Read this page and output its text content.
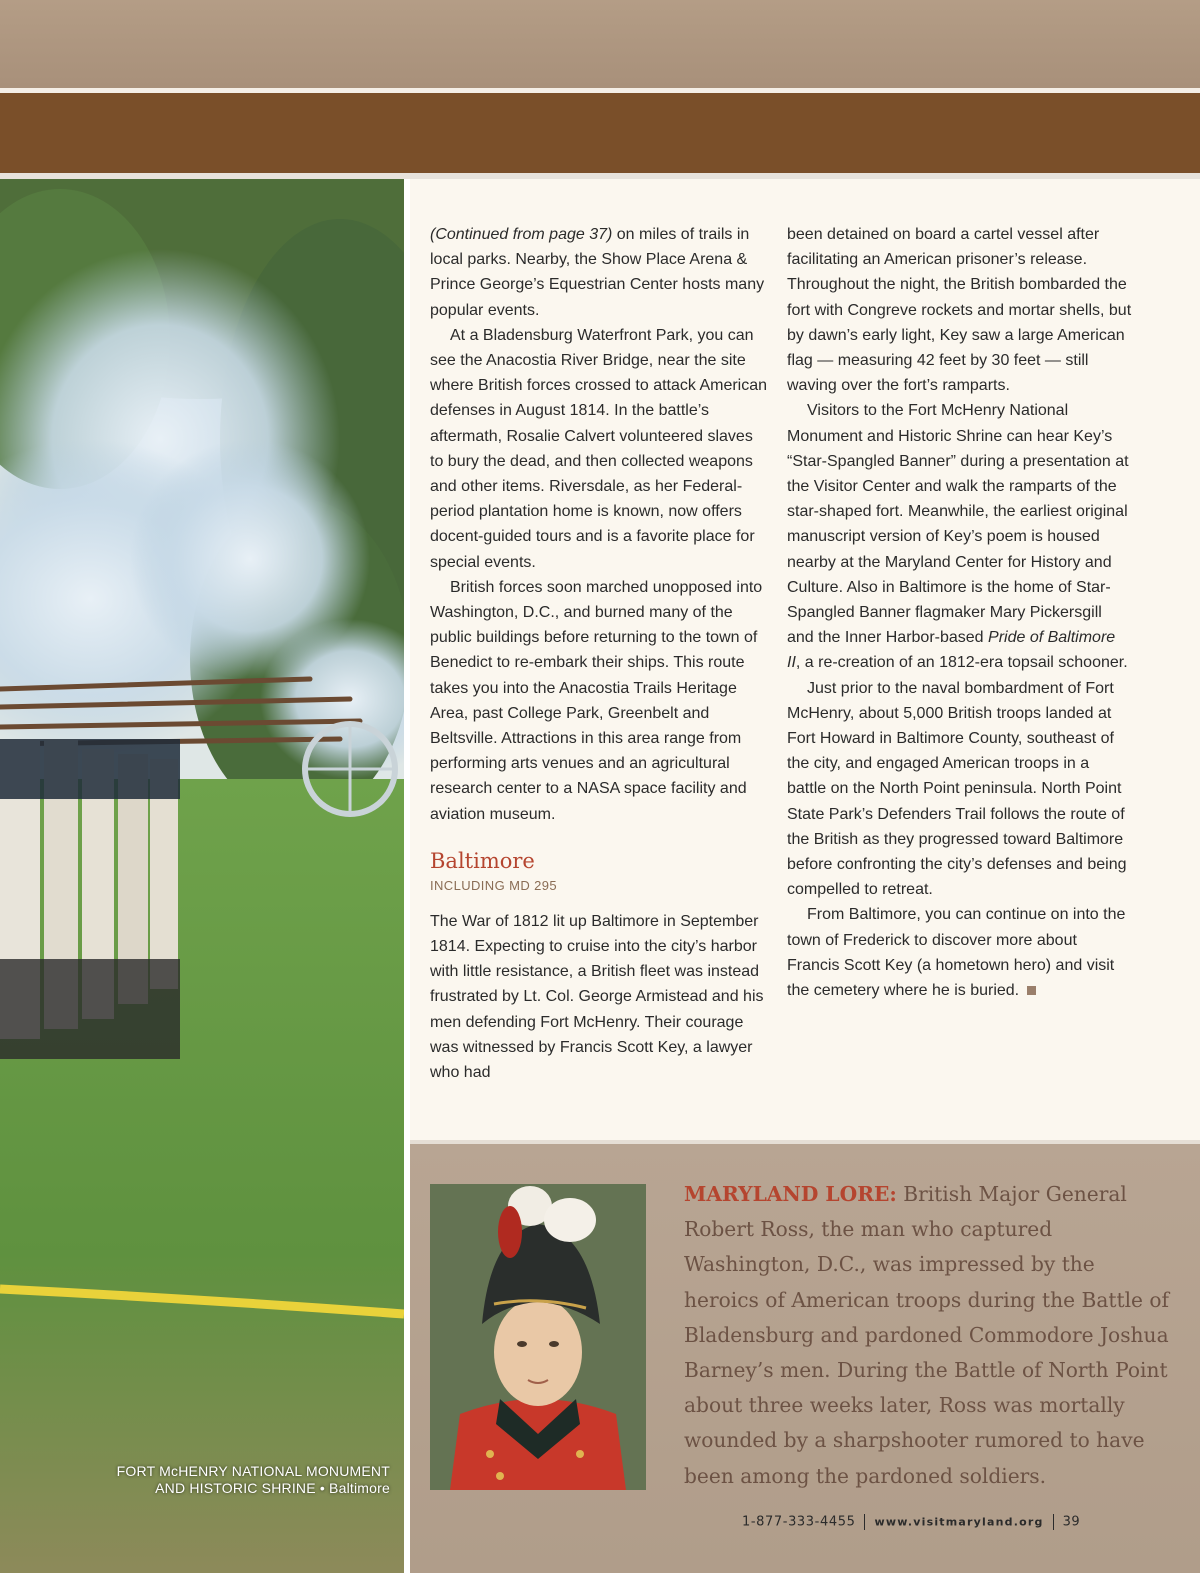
FORT McHENRY NATIONAL MONUMENT
AND HISTORIC SHRINE • Baltimore

(Continued from page 37) on miles of trails in local parks. Nearby, the Show Place Arena & Prince George’s Equestrian Center hosts many popular events.

At a Bladensburg Waterfront Park, you can see the Anacostia River Bridge, near the site where British forces crossed to attack American defenses in August 1814. In the battle’s aftermath, Rosalie Calvert volunteered slaves to bury the dead, and then collected weapons and other items. Riversdale, as her Federal-period plantation home is known, now offers docent-guided tours and is a favorite place for special events.

British forces soon marched unopposed into Washington, D.C., and burned many of the public buildings before returning to the town of Benedict to re-embark their ships. This route takes you into the Anacostia Trails Heritage Area, past College Park, Greenbelt and Beltsville. Attractions in this area range from performing arts venues and an agricultural research center to a NASA space facility and aviation museum.

Baltimore
INCLUDING MD 295

The War of 1812 lit up Baltimore in September 1814. Expecting to cruise into the city’s harbor with little resistance, a British fleet was instead frustrated by Lt. Col. George Armistead and his men defending Fort McHenry. Their courage was witnessed by Francis Scott Key, a lawyer who had

been detained on board a cartel vessel after facilitating an American prisoner’s release. Throughout the night, the British bombarded the fort with Congreve rockets and mortar shells, but by dawn’s early light, Key saw a large American flag — measuring 42 feet by 30 feet — still waving over the fort’s ramparts.

Visitors to the Fort McHenry National Monument and Historic Shrine can hear Key’s “Star-Spangled Banner” during a presentation at the Visitor Center and walk the ramparts of the star-shaped fort. Meanwhile, the earliest original manuscript version of Key’s poem is housed nearby at the Maryland Center for History and Culture. Also in Baltimore is the home of Star-Spangled Banner flagmaker Mary Pickersgill and the Inner Harbor-based Pride of Baltimore II, a re-creation of an 1812-era topsail schooner.

Just prior to the naval bombardment of Fort McHenry, about 5,000 British troops landed at Fort Howard in Baltimore County, southeast of the city, and engaged American troops in a battle on the North Point peninsula. North Point State Park’s Defenders Trail follows the route of the British as they progressed toward Baltimore before confronting the city’s defenses and being compelled to retreat.

From Baltimore, you can continue on into the town of Frederick to discover more about Francis Scott Key (a hometown hero) and visit the cemetery where he is buried.

MARYLAND LORE: British Major General Robert Ross, the man who captured Washington, D.C., was impressed by the heroics of American troops during the Battle of Bladensburg and pardoned Commodore Joshua Barney’s men. During the Battle of North Point about three weeks later, Ross was mortally wounded by a sharpshooter rumored to have been among the pardoned soldiers.
1-877-333-4455 www.visitmaryland.org 39
